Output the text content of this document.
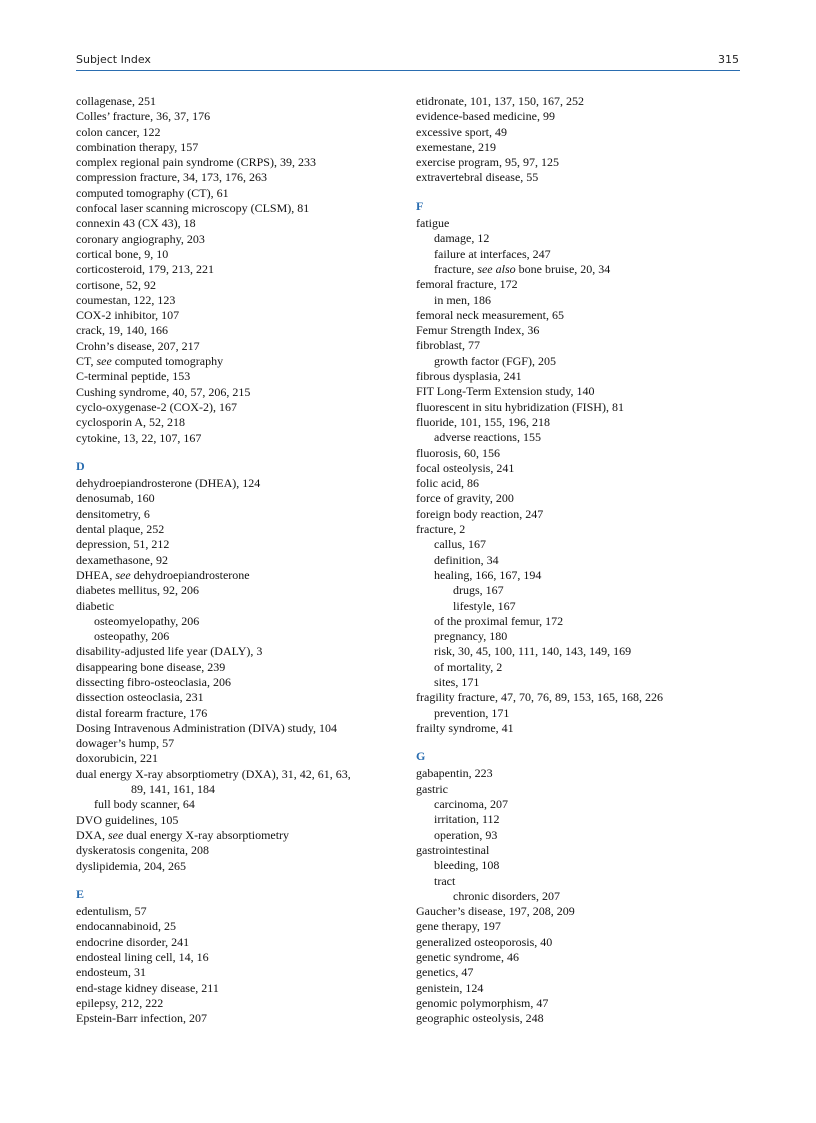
Subject Index	315
collagenase, 251
Colles’ fracture, 36, 37, 176
colon cancer, 122
combination therapy, 157
complex regional pain syndrome (CRPS), 39, 233
compression fracture, 34, 173, 176, 263
computed tomography (CT), 61
confocal laser scanning microscopy (CLSM), 81
connexin 43 (CX 43), 18
coronary angiography, 203
cortical bone, 9, 10
corticosteroid, 179, 213, 221
cortisone, 52, 92
coumestan, 122, 123
COX-2 inhibitor, 107
crack, 19, 140, 166
Crohn’s disease, 207, 217
CT, see computed tomography
C-terminal peptide, 153
Cushing syndrome, 40, 57, 206, 215
cyclo-oxygenase-2 (COX-2), 167
cyclosporin A, 52, 218
cytokine, 13, 22, 107, 167
D
dehydroepiandrosterone (DHEA), 124
denosumab, 160
densitometry, 6
dental plaque, 252
depression, 51, 212
dexamethasone, 92
DHEA, see dehydroepiandrosterone
diabetes mellitus, 92, 206
diabetic
osteomyelopathy, 206
osteopathy, 206
disability-adjusted life year (DALY), 3
disappearing bone disease, 239
dissecting fibro-osteoclasia, 206
dissection osteoclasia, 231
distal forearm fracture, 176
Dosing Intravenous Administration (DIVA) study, 104
dowager’s hump, 57
doxorubicin, 221
dual energy X-ray absorptiometry (DXA), 31, 42, 61, 63,
89, 141, 161, 184
full body scanner, 64
DVO guidelines, 105
DXA, see dual energy X-ray absorptiometry
dyskeratosis congenita, 208
dyslipidemia, 204, 265
E
edentulism, 57
endocannabinoid, 25
endocrine disorder, 241
endosteal lining cell, 14, 16
endosteum, 31
end-stage kidney disease, 211
epilepsy, 212, 222
Epstein-Barr infection, 207
etidronate, 101, 137, 150, 167, 252
evidence-based medicine, 99
excessive sport, 49
exemestane, 219
exercise program, 95, 97, 125
extravertebral disease, 55
F
fatigue
damage, 12
failure at interfaces, 247
fracture, see also bone bruise, 20, 34
femoral fracture, 172
in men, 186
femoral neck measurement, 65
Femur Strength Index, 36
fibroblast, 77
growth factor (FGF), 205
fibrous dysplasia, 241
FIT Long-Term Extension study, 140
fluorescent in situ hybridization (FISH), 81
fluoride, 101, 155, 196, 218
adverse reactions, 155
fluorosis, 60, 156
focal osteolysis, 241
folic acid, 86
force of gravity, 200
foreign body reaction, 247
fracture, 2
callus, 167
definition, 34
healing, 166, 167, 194
drugs, 167
lifestyle, 167
of the proximal femur, 172
pregnancy, 180
risk, 30, 45, 100, 111, 140, 143, 149, 169
of mortality, 2
sites, 171
fragility fracture, 47, 70, 76, 89, 153, 165, 168, 226
prevention, 171
frailty syndrome, 41
G
gabapentin, 223
gastric
carcinoma, 207
irritation, 112
operation, 93
gastrointestinal
bleeding, 108
tract
chronic disorders, 207
Gaucher’s disease, 197, 208, 209
gene therapy, 197
generalized osteoporosis, 40
genetic syndrome, 46
genetics, 47
genistein, 124
genomic polymorphism, 47
geographic osteolysis, 248
